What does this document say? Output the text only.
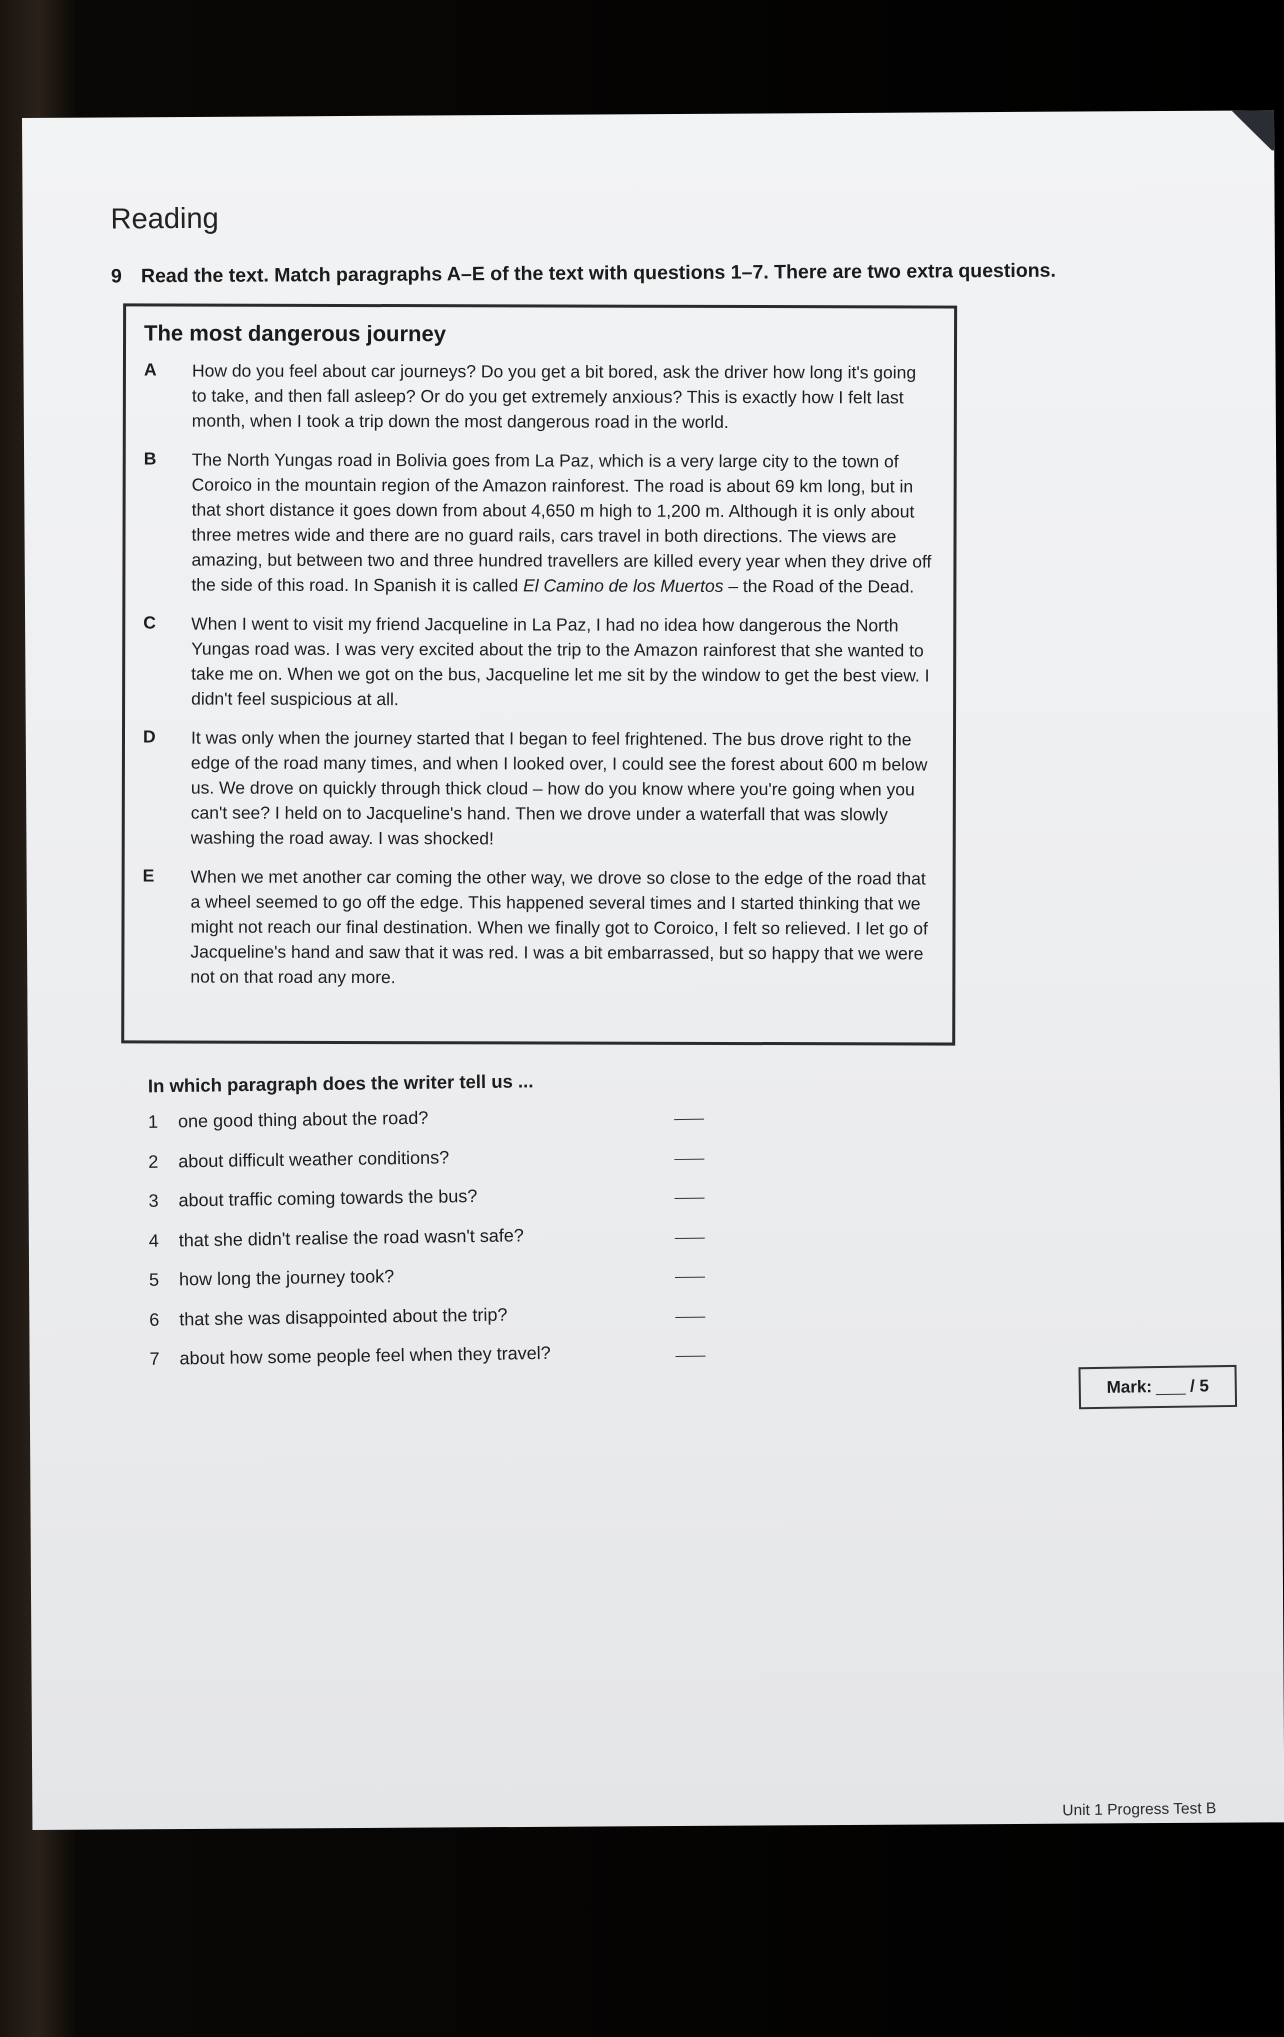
Reading
9 Read the text. Match paragraphs A–E of the text with questions 1–7. There are two extra questions.
The most dangerous journey
A	How do you feel about car journeys? Do you get a bit bored, ask the driver how long it's going to take, and then fall asleep? Or do you get extremely anxious? This is exactly how I felt last month, when I took a trip down the most dangerous road in the world.
B	The North Yungas road in Bolivia goes from La Paz, which is a very large city to the town of Coroico in the mountain region of the Amazon rainforest. The road is about 69 km long, but in that short distance it goes down from about 4,650 m high to 1,200 m. Although it is only about three metres wide and there are no guard rails, cars travel in both directions. The views are amazing, but between two and three hundred travellers are killed every year when they drive off the side of this road. In Spanish it is called El Camino de los Muertos – the Road of the Dead.
C	When I went to visit my friend Jacqueline in La Paz, I had no idea how dangerous the North Yungas road was. I was very excited about the trip to the Amazon rainforest that she wanted to take me on. When we got on the bus, Jacqueline let me sit by the window to get the best view. I didn't feel suspicious at all.
D	It was only when the journey started that I began to feel frightened. The bus drove right to the edge of the road many times, and when I looked over, I could see the forest about 600 m below us. We drove on quickly through thick cloud – how do you know where you're going when you can't see? I held on to Jacqueline's hand. Then we drove under a waterfall that was slowly washing the road away. I was shocked!
E	When we met another car coming the other way, we drove so close to the edge of the road that a wheel seemed to go off the edge. This happened several times and I started thinking that we might not reach our final destination. When we finally got to Coroico, I felt so relieved. I let go of Jacqueline's hand and saw that it was red. I was a bit embarrassed, but so happy that we were not on that road any more.
In which paragraph does the writer tell us ...
1	one good thing about the road?
2	about difficult weather conditions?
3	about traffic coming towards the bus?
4	that she didn't realise the road wasn't safe?
5	how long the journey took?
6	that she was disappointed about the trip?
7	about how some people feel when they travel?
Mark: / 5
Unit 1 Progress Test B
